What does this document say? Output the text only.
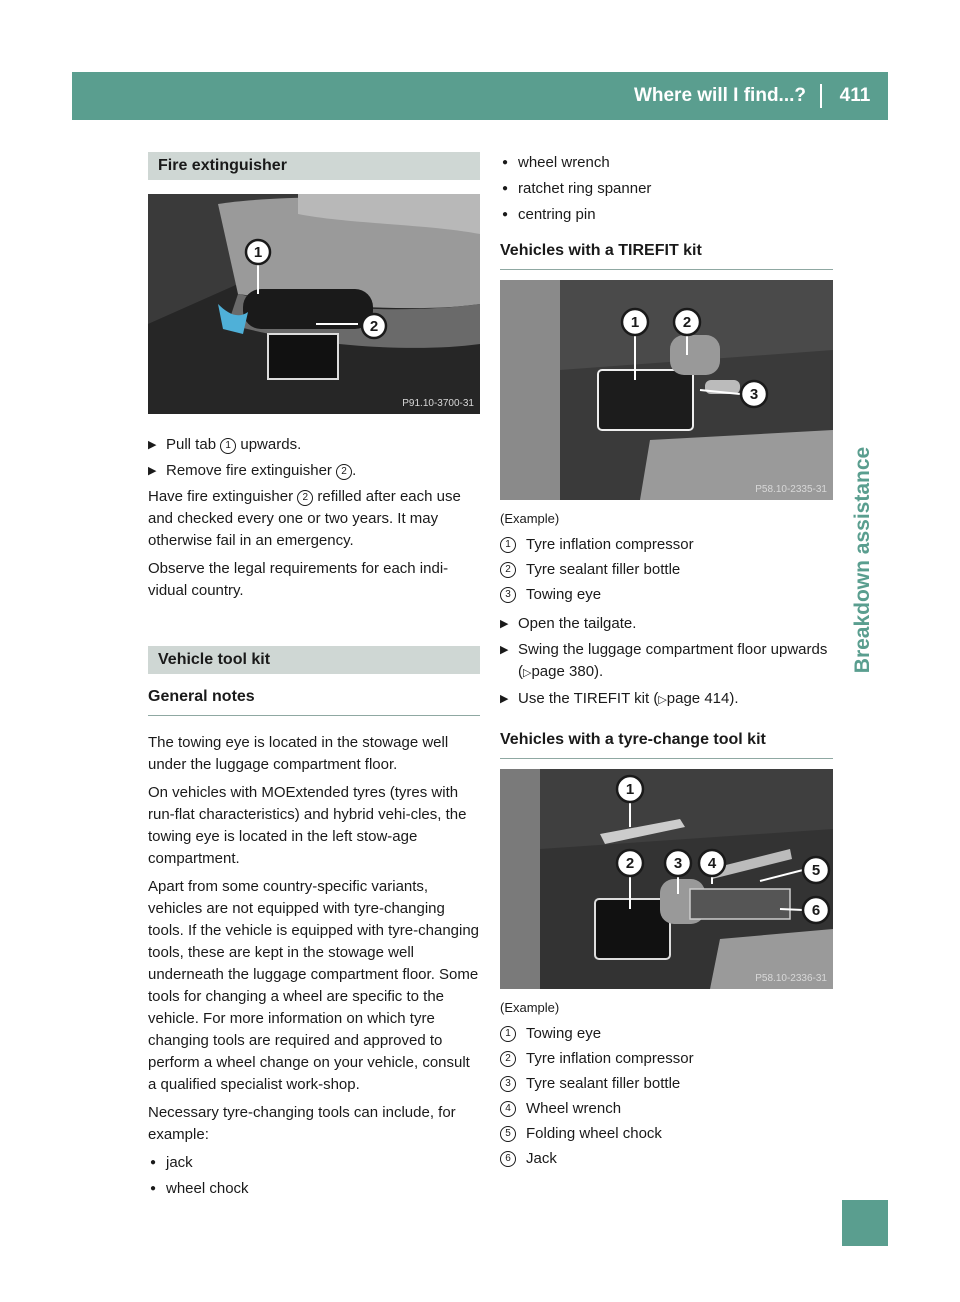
Where will I find...?	411
Breakdown assistance
Fire extinguisher
1
2
P91.10-3700-31

▶ Pull tab 1 upwards.

▶ Remove fire extinguisher 2 .

Have fire extinguisher 2 refilled after each use and checked every one or two years. It may otherwise fail in an emergency.

Observe the legal requirements for each indi-vidual country.

Vehicle tool kit
General notes

The towing eye is located in the stowage well under the luggage compartment floor.

On vehicles with MOExtended tyres (tyres with run-flat characteristics) and hybrid vehi-cles, the towing eye is located in the left stow-age compartment.

Apart from some country-specific variants, vehicles are not equipped with tyre-changing tools. If the vehicle is equipped with tyre-changing tools, these are kept in the stowage well underneath the luggage compartment floor. Some tools for changing a wheel are specific to the vehicle. For more information on which tyre changing tools are required and approved to perform a wheel change on your vehicle, consult a qualified specialist work-shop.

Necessary tyre-changing tools can include, for example:

● jack

● wheel chock

● wheel wrench

● ratchet ring spanner

● centring pin

Vehicles with a TIREFIT kit
1	2
3
P58.10-2335-31
(Example)
1	Tyre inflation compressor
2	Tyre sealant filler bottle
3	Towing eye

▶ Open the tailgate.

▶ Swing the luggage compartment floor upwards (▷page 380).

▶ Use the TIREFIT kit (▷page 414).

Vehicles with a tyre-change tool kit
1
2	3 4	5
6
P58.10-2336-31
(Example)
1	Towing eye
2	Tyre inflation compressor
3	Tyre sealant filler bottle
4	Wheel wrench
5	Folding wheel chock
6	Jack
